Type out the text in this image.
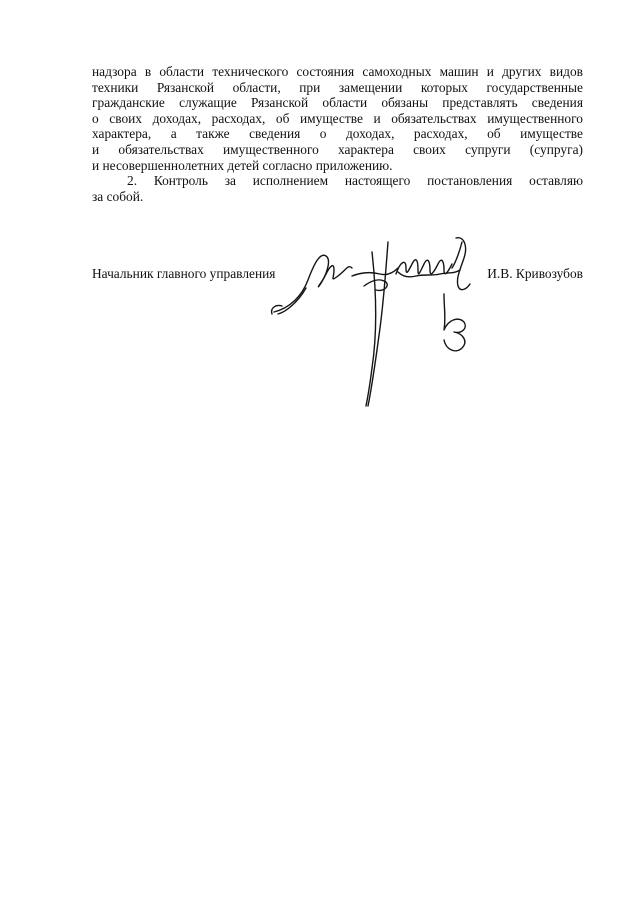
надзора в области технического состояния самоходных машин и других видов
техники Рязанской области, при замещении которых государственные
гражданские служащие Рязанской области обязаны представлять сведения
о своих доходах, расходах, об имуществе и обязательствах имущественного
характера, а также сведения о доходах, расходах, об имуществе
и обязательствах имущественного характера своих супруги (супруга)
и несовершеннолетних детей согласно приложению.
2. Контроль за исполнением настоящего постановления оставляю
за собой.
Начальник главного управления	И.В. Кривозубов
